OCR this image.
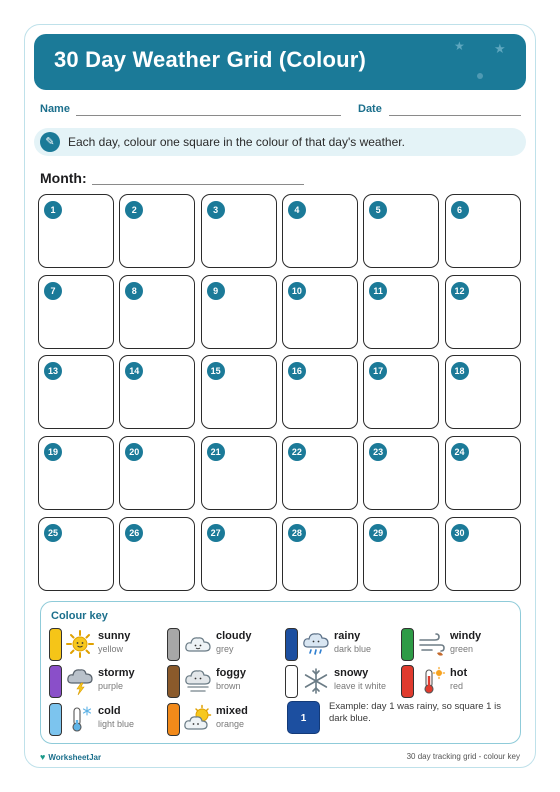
30 Day Weather Grid (Colour)
★ ★
Name	Date
✎	Each day, colour one square in the colour of that day's weather.
Month:
1	2	3	4	5	6
7	8	9	10	11	12
13	14	15	16	17	18
19	20	21	22	23	24
25	26	27	28	29	30
Colour key
sunny
yellow
cloudy
grey
rainy
dark blue
windy
green
stormy
purple
foggy
brown
snowy
leave it white
hot
red
cold
light blue
mixed
orange	1
Example: day 1 was rainy, so square 1 is dark blue.
♥ WorksheetJar	30 day tracking grid - colour key
